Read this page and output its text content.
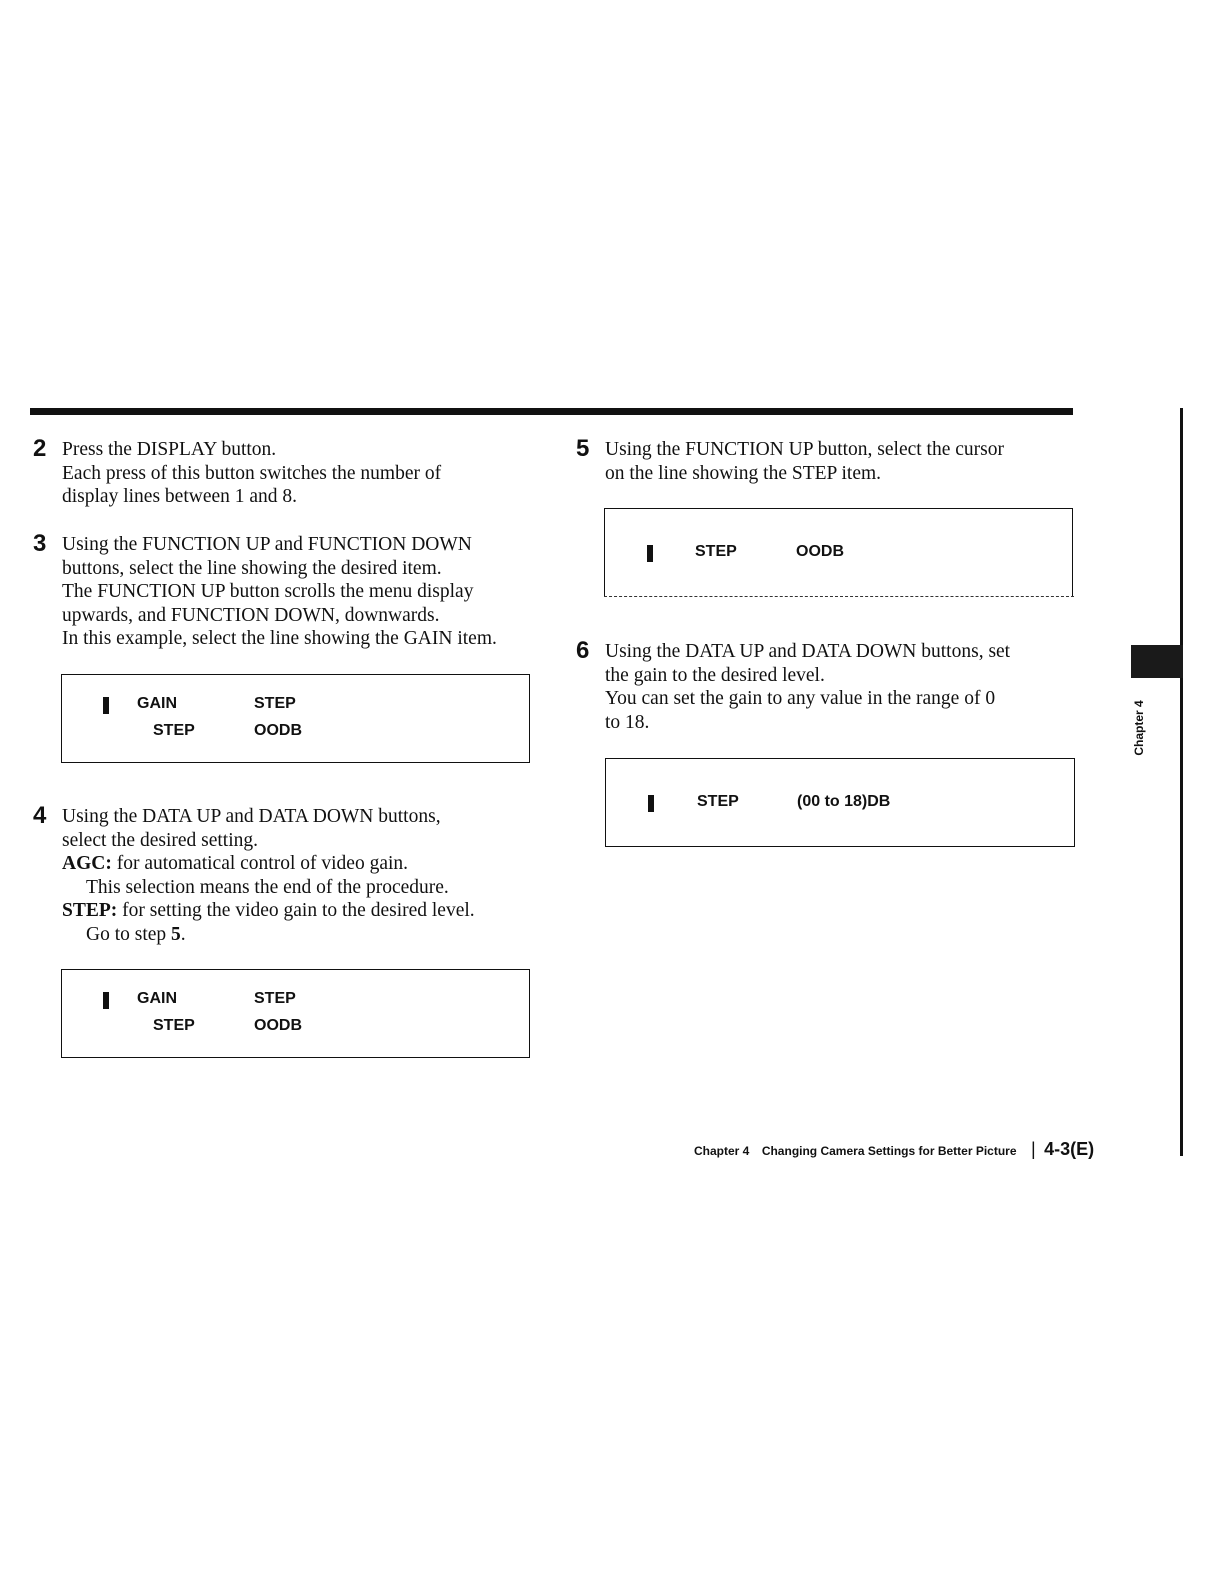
Chapter 4
2 Press the DISPLAY button.
Each press of this button switches the number of
display lines between 1 and 8.
3 Using the FUNCTION UP and FUNCTION DOWN
buttons, select the line showing the desired item.
The FUNCTION UP button scrolls the menu display
upwards, and FUNCTION DOWN, downwards.
In this example, select the line showing the GAIN item.
GAIN	STEP
STEP	OODB
4 Using the DATA UP and DATA DOWN buttons,
select the desired setting.
AGC: for automatical control of video gain.
This selection means the end of the procedure.
STEP: for setting the video gain to the desired level.
Go to step 5.
GAIN	STEP
STEP	OODB
5 Using the FUNCTION UP button, select the cursor
on the line showing the STEP item.
STEP	OODB
6 Using the DATA UP and DATA DOWN buttons, set
the gain to the desired level.
You can set the gain to any value in the range of 0
to 18.
STEP	(00 to 18)DB
Chapter 4 Changing Camera Settings for Better Picture | 4-3(E)
